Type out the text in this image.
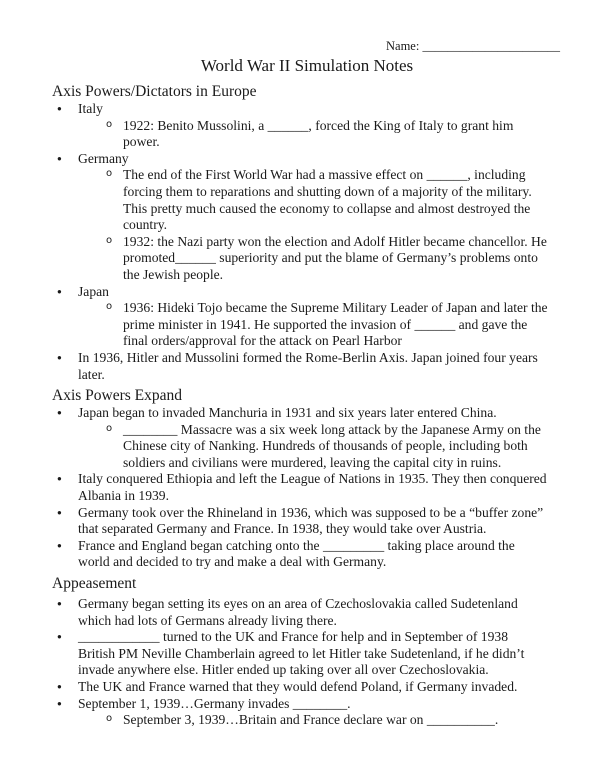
Name: ______________________
World War II Simulation Notes
Axis Powers/Dictators in Europe
● Italy
o 1922: Benito Mussolini, a ______, forced the King of Italy to grant him
power.
● Germany
o The end of the First World War had a massive effect on ______, including
forcing them to reparations and shutting down of a majority of the military.
This pretty much caused the economy to collapse and almost destroyed the
country.
o 1932: the Nazi party won the election and Adolf Hitler became chancellor. He
promoted______ superiority and put the blame of Germany’s problems onto
the Jewish people.
● Japan
o 1936: Hideki Tojo became the Supreme Military Leader of Japan and later the
prime minister in 1941. He supported the invasion of ______ and gave the
final orders/approval for the attack on Pearl Harbor
● In 1936, Hitler and Mussolini formed the Rome-Berlin Axis. Japan joined four years
later.
Axis Powers Expand
● Japan began to invaded Manchuria in 1931 and six years later entered China.
o ________ Massacre was a six week long attack by the Japanese Army on the
Chinese city of Nanking. Hundreds of thousands of people, including both
soldiers and civilians were murdered, leaving the capital city in ruins.
● Italy conquered Ethiopia and left the League of Nations in 1935. They then conquered
Albania in 1939.
● Germany took over the Rhineland in 1936, which was supposed to be a “buffer zone”
that separated Germany and France. In 1938, they would take over Austria.
● France and England began catching onto the _________ taking place around the
world and decided to try and make a deal with Germany.
Appeasement
● Germany began setting its eyes on an area of Czechoslovakia called Sudetenland
which had lots of Germans already living there.
● ____________ turned to the UK and France for help and in September of 1938
British PM Neville Chamberlain agreed to let Hitler take Sudetenland, if he didn’t
invade anywhere else. Hitler ended up taking over all over Czechoslovakia.
● The UK and France warned that they would defend Poland, if Germany invaded.
● September 1, 1939…Germany invades ________.
o September 3, 1939…Britain and France declare war on __________.
